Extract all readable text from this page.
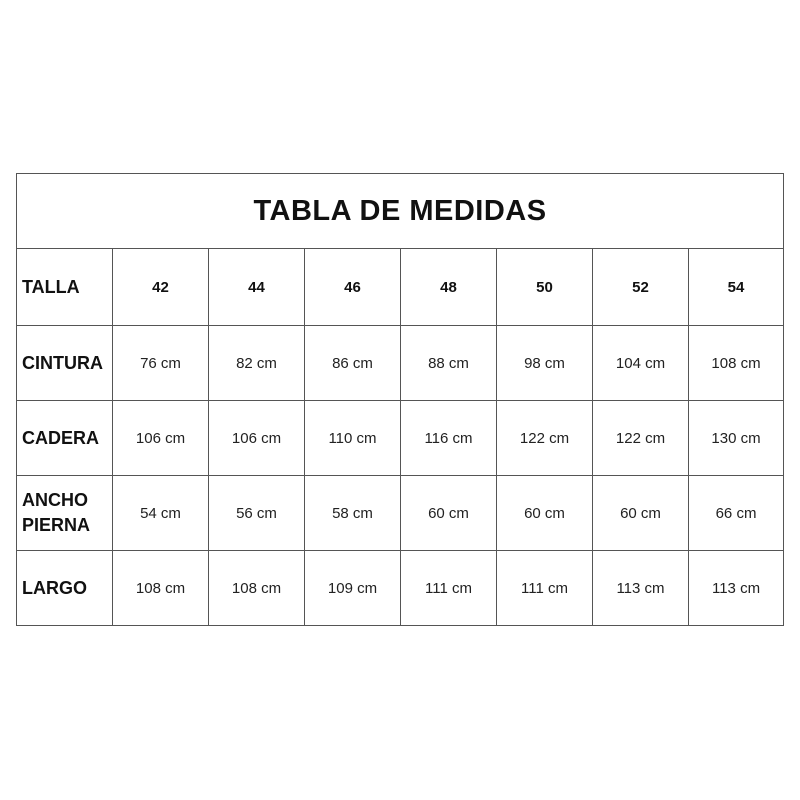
TABLA DE MEDIDAS							
TALLA	42	44	46	48	50	52	54
CINTURA	76 cm	82 cm	86 cm	88 cm	98 cm	104 cm	108 cm
CADERA	106 cm	106 cm	110 cm	116 cm	122 cm	122 cm	130 cm
ANCHO
PIERNA	54 cm	56 cm	58 cm	60 cm	60 cm	60 cm	66 cm
LARGO	108 cm	108 cm	109 cm	111 cm	111 cm	113 cm	113 cm
